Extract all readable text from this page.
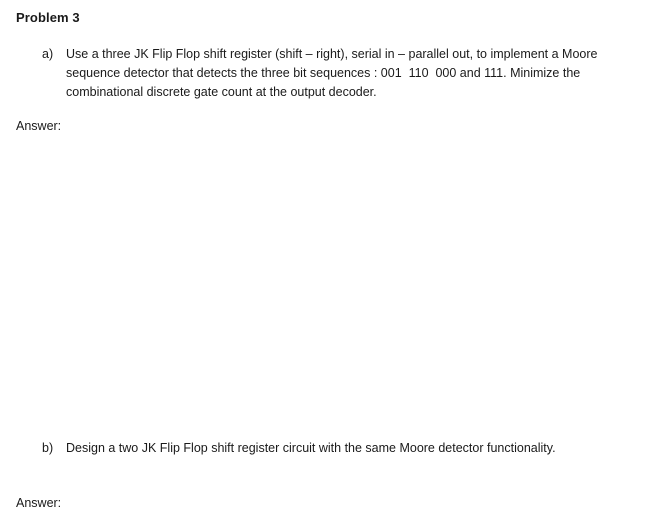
Problem 3
a)	Use a three JK Flip Flop shift register (shift – right), serial in – parallel out, to implement a Moore sequence detector that detects the three bit sequences : 001  110  000 and 111. Minimize the combinational discrete gate count at the output decoder.
Answer:
b)	Design a two JK Flip Flop shift register circuit with the same Moore detector functionality.
Answer:
